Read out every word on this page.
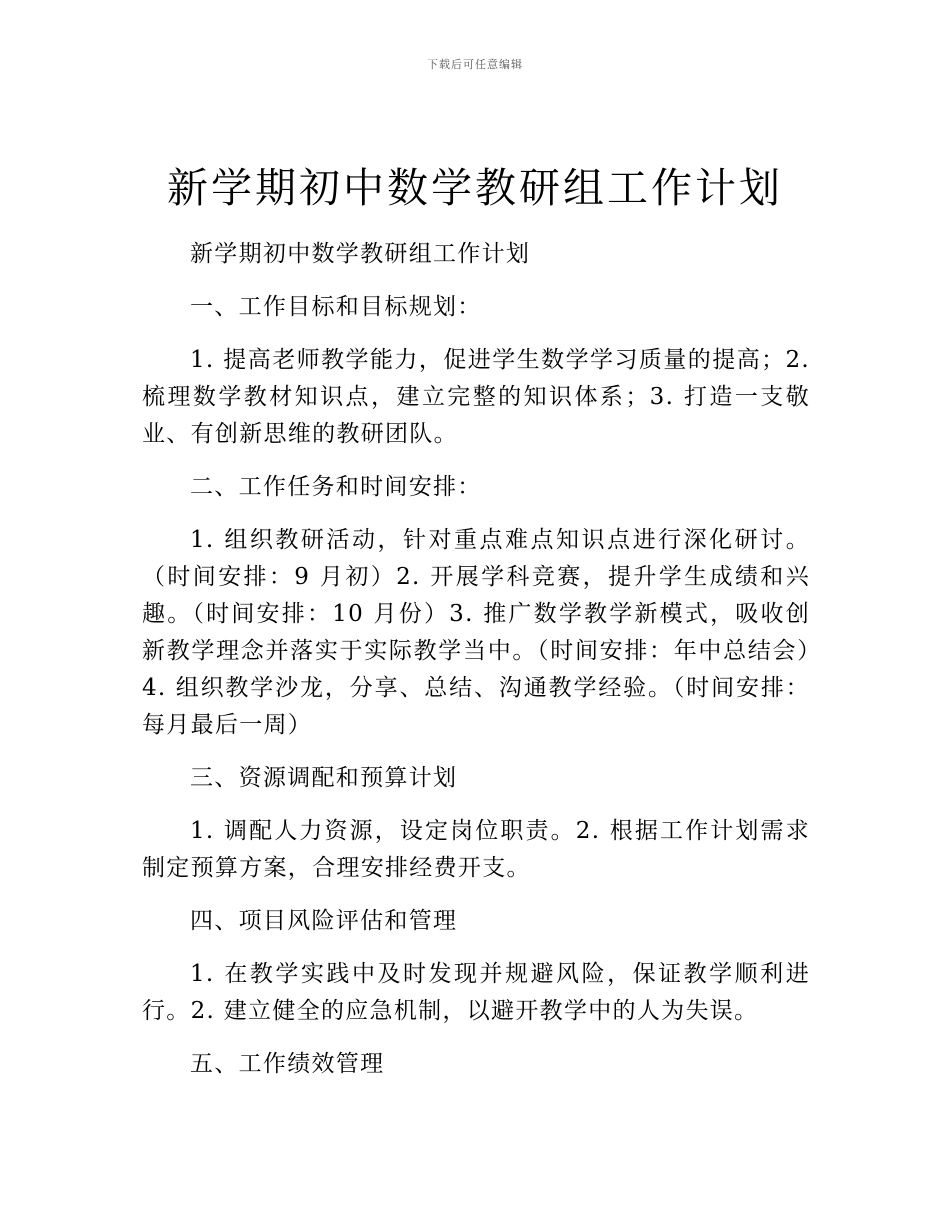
下载后可任意编辑
新学期初中数学教研组工作计划

新学期初中数学教研组工作计划

一、工作目标和目标规划：

1. 提高老师教学能力，促进学生数学学习质量的提高；2. 梳理数学教材知识点，建立完整的知识体系；3. 打造一支敬业、有创新思维的教研团队。

二、工作任务和时间安排：

1. 组织教研活动，针对重点难点知识点进行深化研讨。（时间安排：9 月初）2. 开展学科竞赛，提升学生成绩和兴趣。（时间安排：10 月份）3. 推广数学教学新模式，吸收创新教学理念并落实于实际教学当中。（时间安排：年中总结会）4. 组织教学沙龙，分享、总结、沟通教学经验。（时间安排：每月最后一周）

三、资源调配和预算计划

1. 调配人力资源，设定岗位职责。2. 根据工作计划需求制定预算方案，合理安排经费开支。

四、项目风险评估和管理

1. 在教学实践中及时发现并规避风险，保证教学顺利进行。2. 建立健全的应急机制，以避开教学中的人为失误。

五、工作绩效管理
